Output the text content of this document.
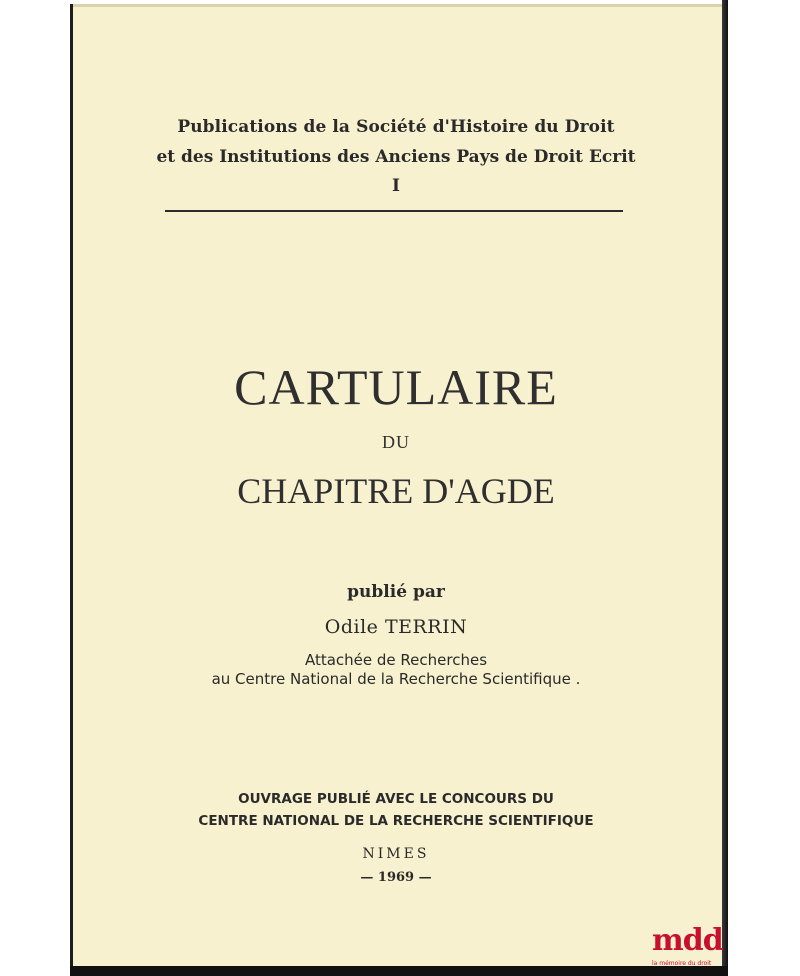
Publications de la Société d'Histoire du Droit
et des Institutions des Anciens Pays de Droit Ecrit
I
CARTULAIRE
DU
CHAPITRE D'AGDE
publié par
Odile TERRIN
Attachée de Recherches
au Centre National de la Recherche Scientifique .
OUVRAGE PUBLIÉ AVEC LE CONCOURS DU
CENTRE NATIONAL DE LA RECHERCHE SCIENTIFIQUE
NIMES
— 1969 —
mdd
la mémoire du droit
